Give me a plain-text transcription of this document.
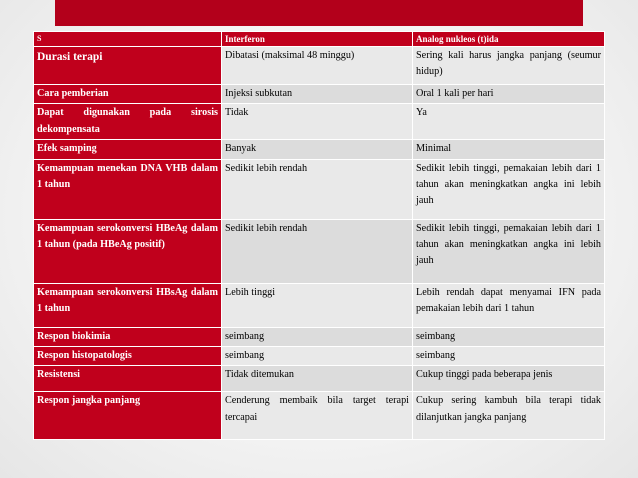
S	Interferon	Analog nukleos (t)ida
Durasi terapi	Dibatasi (maksimal 48 minggu)	Sering kali harus jangka panjang (seumur hidup)
Cara pemberian	Injeksi subkutan	Oral 1 kali per hari
Dapat digunakan pada sirosis dekompensata	Tidak	Ya
Efek samping	Banyak	Minimal
Kemampuan menekan DNA VHB dalam 1 tahun	Sedikit lebih rendah	Sedikit lebih tinggi, pemakaian lebih dari 1 tahun akan meningkatkan angka ini lebih jauh
Kemampuan serokonversi HBeAg dalam 1 tahun (pada HBeAg positif)	Sedikit lebih rendah	Sedikit lebih tinggi, pemakaian lebih dari 1 tahun akan meningkatkan angka ini lebih jauh
Kemampuan serokonversi HBsAg dalam 1 tahun	Lebih tinggi	Lebih rendah dapat menyamai IFN pada pemakaian lebih dari 1 tahun
Respon biokimia	seimbang	seimbang
Respon histopatologis	seimbang	seimbang
Resistensi	Tidak ditemukan	Cukup tinggi pada beberapa jenis
Respon jangka panjang	Cenderung membaik bila target terapi tercapai	Cukup sering kambuh bila terapi tidak dilanjutkan jangka panjang
